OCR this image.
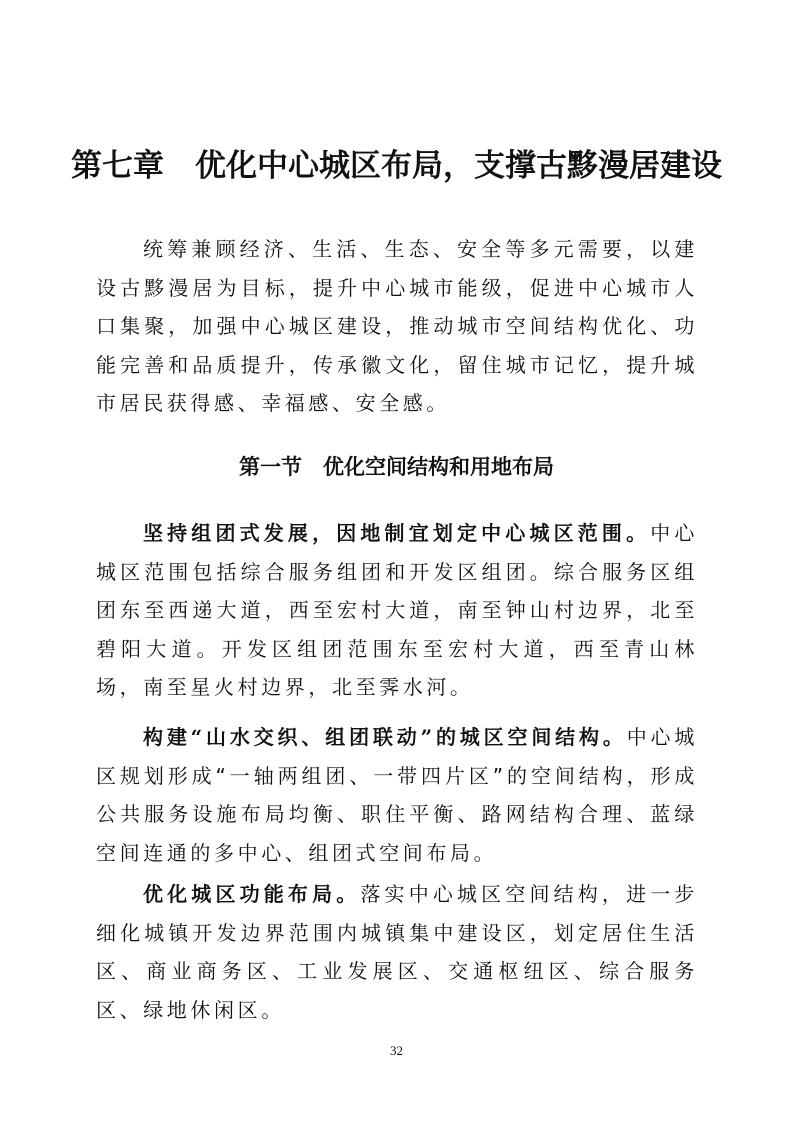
第七章　优化中心城区布局，支撑古黟漫居建设

统筹兼顾经济、生活、生态、安全等多元需要，以建设古黟漫居为目标，提升中心城市能级，促进中心城市人口集聚，加强中心城区建设，推动城市空间结构优化、功能完善和品质提升，传承徽文化，留住城市记忆，提升城市居民获得感、幸福感、安全感。

第一节　优化空间结构和用地布局

坚持组团式发展，因地制宜划定中心城区范围。中心城区范围包括综合服务组团和开发区组团。综合服务区组团东至西递大道，西至宏村大道，南至钟山村边界，北至碧阳大道。开发区组团范围东至宏村大道，西至青山林场，南至星火村边界，北至霁水河。

构建“山水交织、组团联动”的城区空间结构。中心城区规划形成“一轴两组团、一带四片区”的空间结构，形成公共服务设施布局均衡、职住平衡、路网结构合理、蓝绿空间连通的多中心、组团式空间布局。

优化城区功能布局。落实中心城区空间结构，进一步细化城镇开发边界范围内城镇集中建设区，划定居住生活区、商业商务区、工业发展区、交通枢纽区、综合服务区、绿地休闲区。

32
